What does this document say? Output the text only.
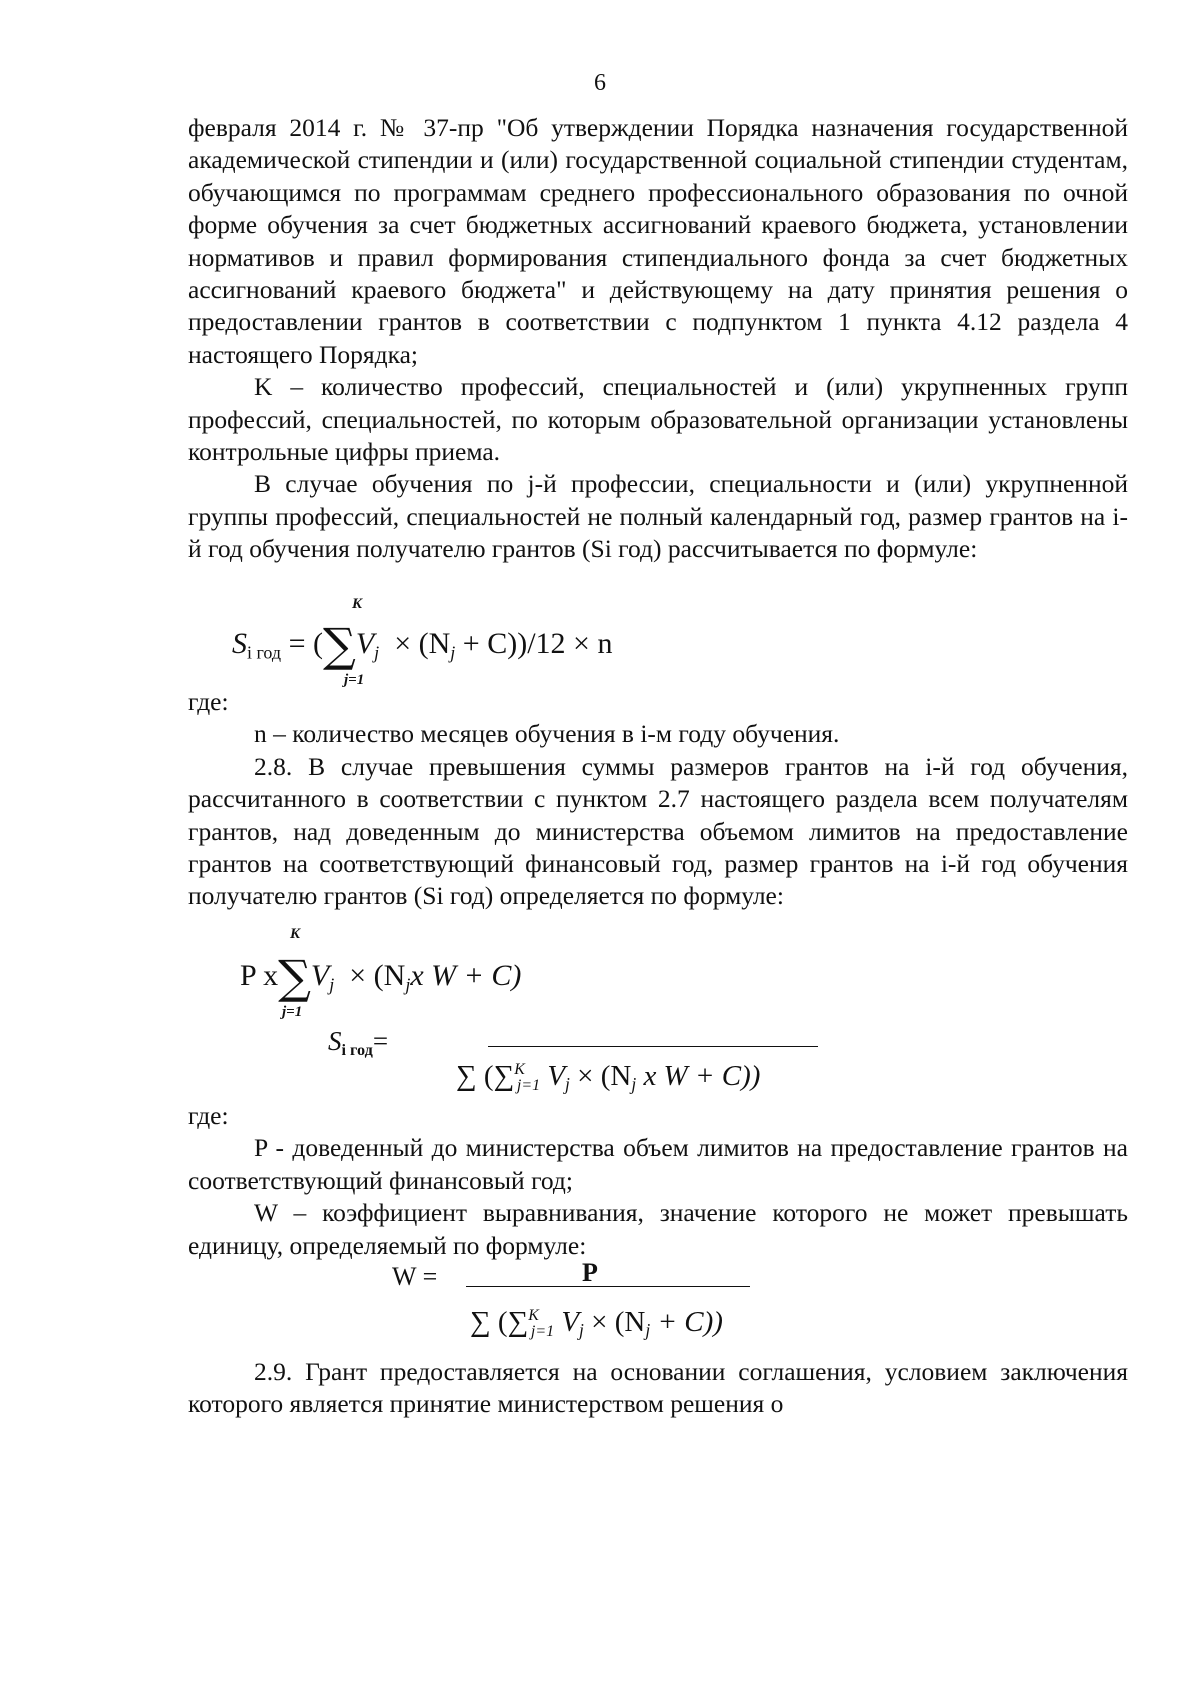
6

февраля 2014 г. № 37-пр "Об утверждении Порядка назначения государственной академической стипендии и (или) государственной социальной стипендии студентам, обучающимся по программам среднего профессионального образования по очной форме обучения за счет бюджетных ассигнований краевого бюджета, установлении нормативов и правил формирования стипендиального фонда за счет бюджетных ассигнований краевого бюджета" и действующему на дату принятия решения о предоставлении грантов в соответствии с подпунктом 1 пункта 4.12 раздела 4 настоящего Порядка;

K – количество профессий, специальностей и (или) укрупненных групп профессий, специальностей, по которым образовательной организации установлены контрольные цифры приема.

В случае обучения по j-й профессии, специальности и (или) укрупненной группы профессий, специальностей не полный календарный год, размер грантов на i-й год обучения получателю грантов (Si год) рассчитывается по формуле:

K
$S_{i год} = (\sum V_j \times (N_j + C))/12 \times n$
j=1

где:

n – количество месяцев обучения в i-м году обучения.

2.8. В случае превышения суммы размеров грантов на i-й год обучения, рассчитанного в соответствии с пунктом 2.7 настоящего раздела всем получателям грантов, над доведенным до министерства объемом лимитов на предоставление грантов на соответствующий финансовый год, размер грантов на i-й год обучения получателю грантов (Si год) определяется по формуле:

K
P $x\sum V_j \times (N_jx$ W + C)
j=1
$S_{i год}=$
∑ (∑$^K_{j=1}$ $V_j \times (N_j$ x W + C))

где:

P - доведенный до министерства объем лимитов на предоставление грантов на соответствующий финансовый год;

W – коэффициент выравнивания, значение которого не может превышать единицу, определяемый по формуле:

W =	P
∑ (∑$^K_{j=1}$ $V_j \times (N_j + C)$)

2.9. Грант предоставляется на основании соглашения, условием заключения которого является принятие министерством решения о
